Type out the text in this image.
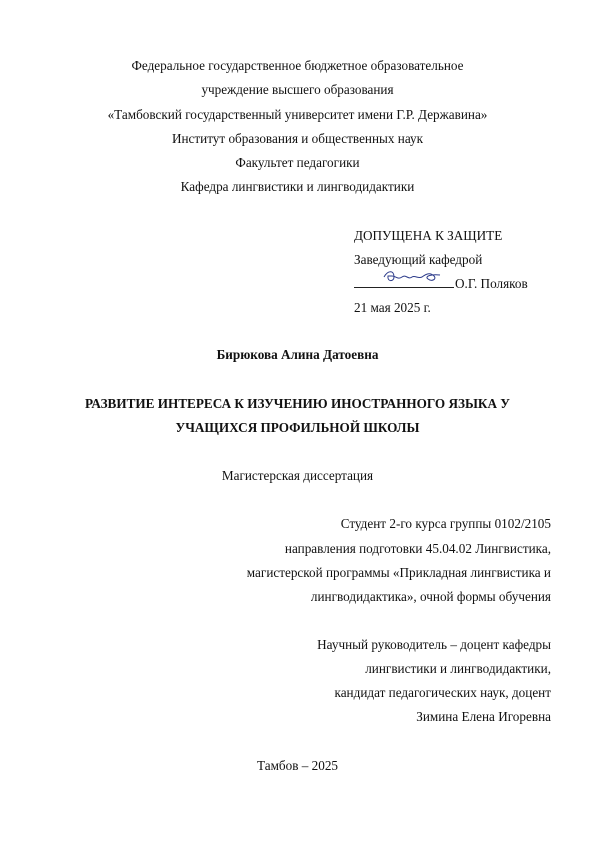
Федеральное государственное бюджетное образовательное
учреждение высшего образования
«Тамбовский государственный университет имени Г.Р. Державина»
Институт образования и общественных наук
Факультет педагогики
Кафедра лингвистики и лингводидактики
ДОПУЩЕНА К ЗАЩИТЕ
Заведующий кафедрой
О.Г. Поляков
21 мая 2025 г.
Бирюкова Алина Датоевна
РАЗВИТИЕ ИНТЕРЕСА К ИЗУЧЕНИЮ ИНОСТРАННОГО ЯЗЫКА У
УЧАЩИХСЯ ПРОФИЛЬНОЙ ШКОЛЫ
Магистерская диссертация
Студент 2-го курса группы 0102/2105
направления подготовки 45.04.02 Лингвистика,
магистерской программы «Прикладная лингвистика и
лингводидактика», очной формы обучения
Научный руководитель – доцент кафедры
лингвистики и лингводидактики,
кандидат педагогических наук, доцент
Зимина Елена Игоревна
Тамбов – 2025
